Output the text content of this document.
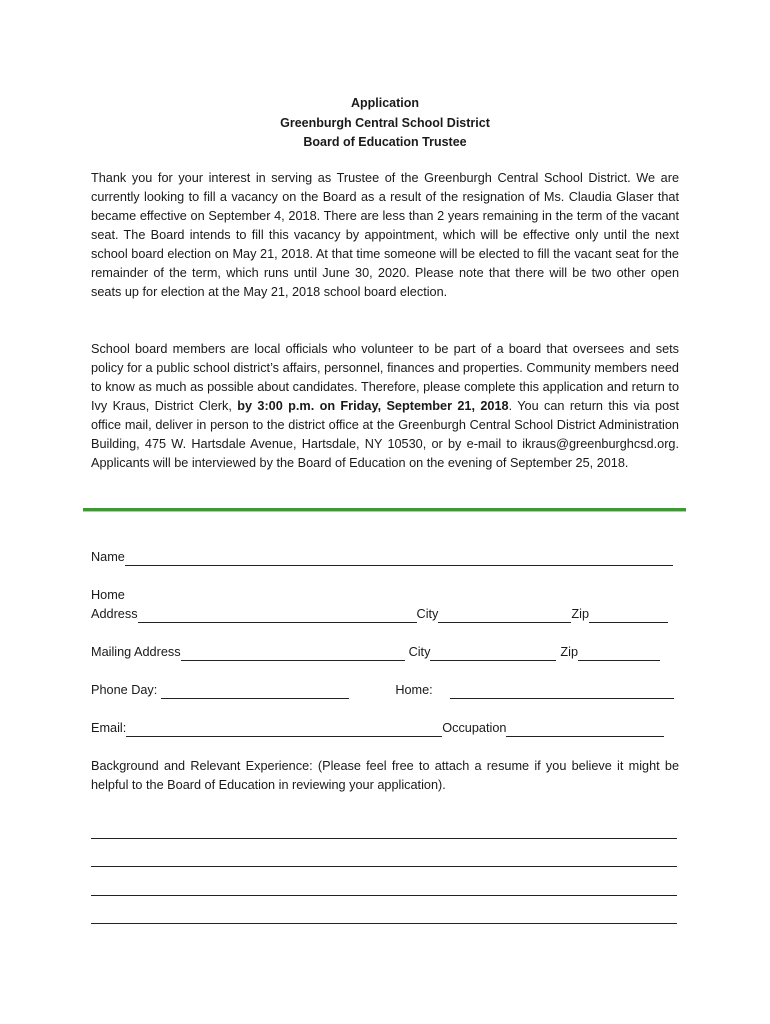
Application
Greenburgh Central School District
Board of Education Trustee

Thank you for your interest in serving as Trustee of the Greenburgh Central School District. We are currently looking to fill a vacancy on the Board as a result of the resignation of Ms. Claudia Glaser that became effective on September 4, 2018. There are less than 2 years remaining in the term of the vacant seat. The Board intends to fill this vacancy by appointment, which will be effective only until the next school board election on May 21, 2018. At that time someone will be elected to fill the vacant seat for the remainder of the term, which runs until June 30, 2020. Please note that there will be two other open seats up for election at the May 21, 2018 school board election.

School board members are local officials who volunteer to be part of a board that oversees and sets policy for a public school district’s affairs, personnel, finances and properties. Community members need to know as much as possible about candidates. Therefore, please complete this application and return to Ivy Kraus, District Clerk, by 3:00 p.m. on Friday, September 21, 2018. You can return this via post office mail, deliver in person to the district office at the Greenburgh Central School District Administration Building, 475 W. Hartsdale Avenue, Hartsdale, NY 10530, or by e-mail to ikraus@greenburghcsd.org. Applicants will be interviewed by the Board of Education on the evening of September 25, 2018.

Name
Home
Address	City	Zip
Mailing Address	City	Zip
Phone Day:	Home:
Email:	Occupation

Background and Relevant Experience: (Please feel free to attach a resume if you believe it might be helpful to the Board of Education in reviewing your application).
